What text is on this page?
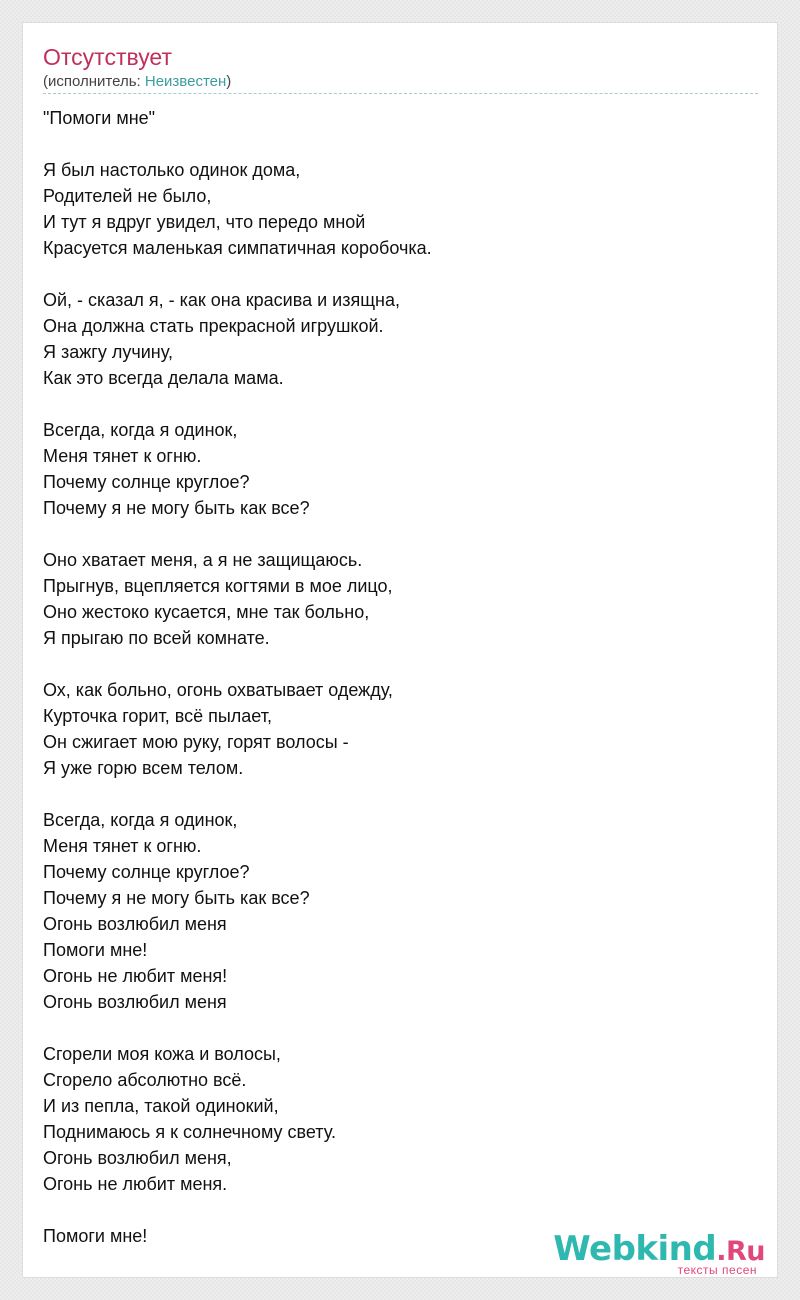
Отсутствует
(исполнитель: Неизвестен)
"Помоги мне"
Я был настолько одинок дома,
Родителей не было,
И тут я вдруг увидел, что передо мной
Красуется маленькая симпатичная коробочка.
Ой, - сказал я, - как она красива и изящна,
Она должна стать прекрасной игрушкой.
Я зажгу лучину,
Как это всегда делала мама.
Всегда, когда я одинок,
Меня тянет к огню.
Почему солнце круглое?
Почему я не могу быть как все?
Оно хватает меня, а я не защищаюсь.
Прыгнув, вцепляется когтями в мое лицо,
Оно жестоко кусается, мне так больно,
Я прыгаю по всей комнате.
Ох, как больно, огонь охватывает одежду,
Курточка горит, всё пылает,
Он сжигает мою руку, горят волосы -
Я уже горю всем телом.
Всегда, когда я одинок,
Меня тянет к огню.
Почему солнце круглое?
Почему я не могу быть как все?
Огонь возлюбил меня
Помоги мне!
Огонь не любит меня!
Огонь возлюбил меня
Сгорели моя кожа и волосы,
Сгорело абсолютно всё.
И из пепла, такой одинокий,
Поднимаюсь я к солнечному свету.
Огонь возлюбил меня,
Огонь не любит меня.
Помоги мне!	Webkind.Ru
тексты песен
